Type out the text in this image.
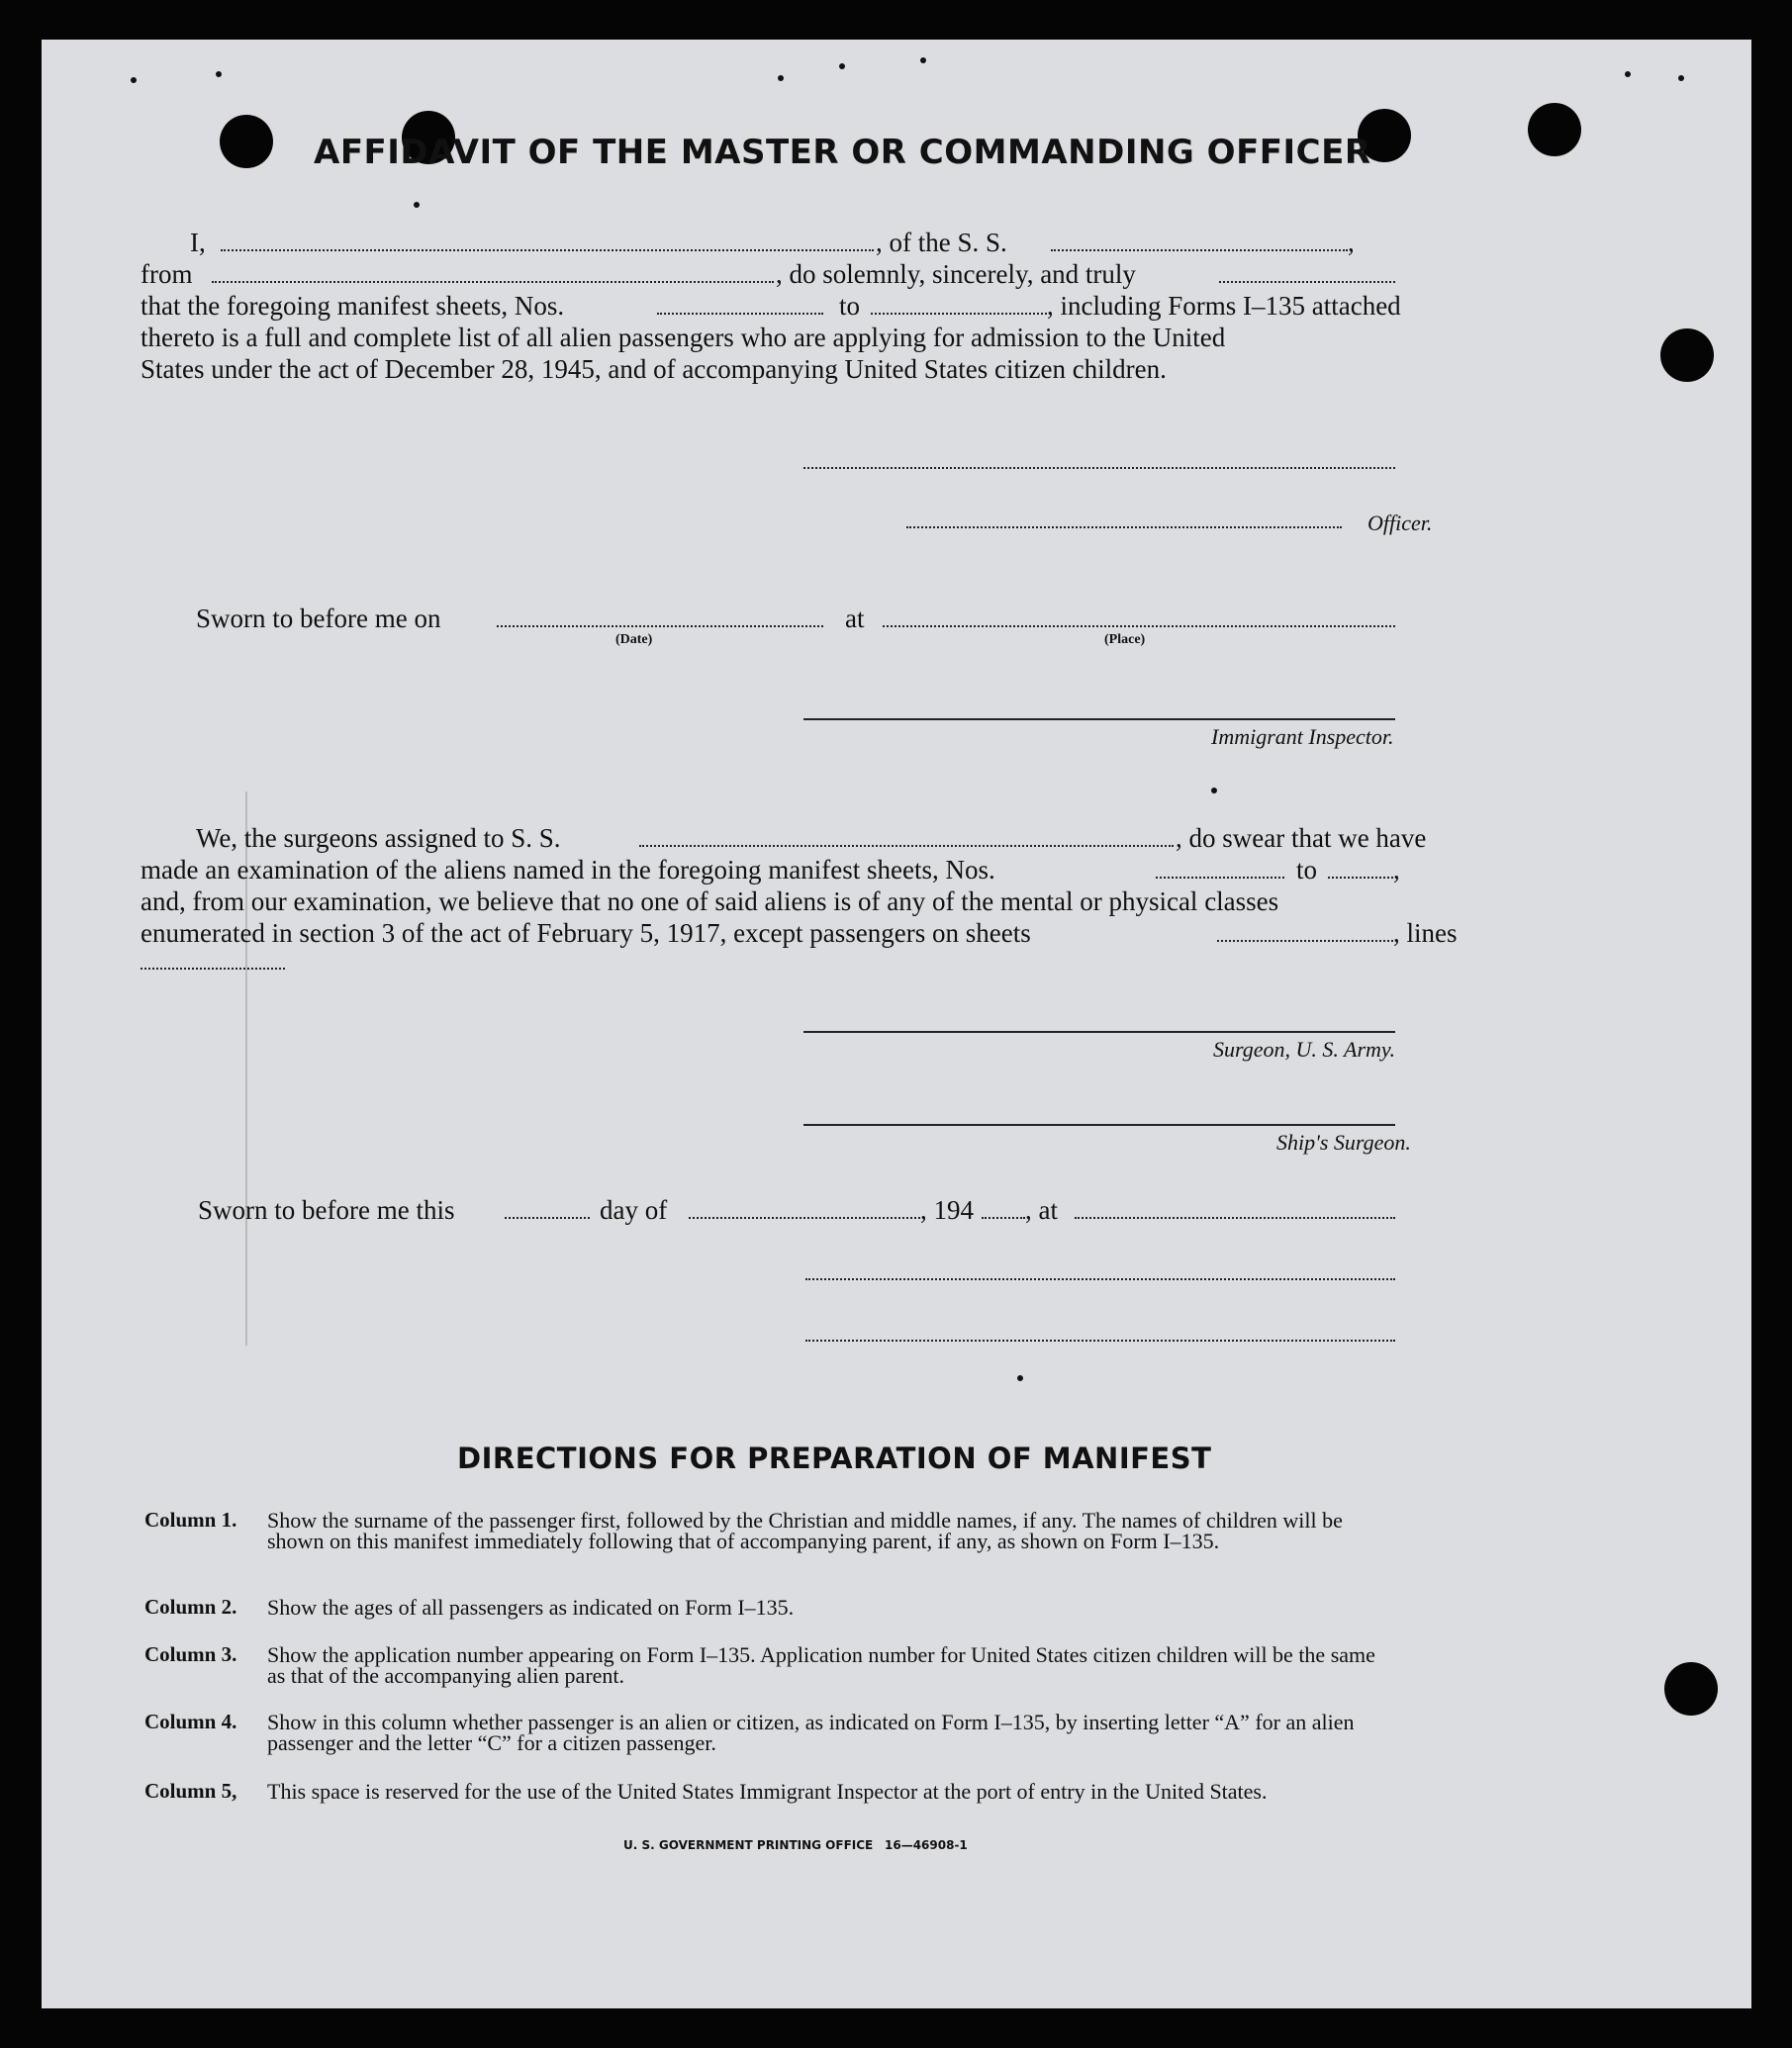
AFFIDAVIT OF THE MASTER OR COMMANDING OFFICER
I,	, of the S. S.	,
from	, do solemnly, sincerely, and truly
that the foregoing manifest sheets, Nos.	to	, including Forms I–135 attached
thereto is a full and complete list of all alien passengers who are applying for admission to the United
States under the act of December 28, 1945, and of accompanying United States citizen children.
Officer.
Sworn to before me on	at
(Date)	(Place)
Immigrant Inspector.
We, the surgeons assigned to S. S.	, do swear that we have
made an examination of the aliens named in the foregoing manifest sheets, Nos.	to	,
and, from our examination, we believe that no one of said aliens is of any of the mental or physical classes
enumerated in section 3 of the act of February 5, 1917, except passengers on sheets	, lines
Surgeon, U. S. Army.
Ship's Surgeon.
Sworn to before me this	day of	, 194 , at
DIRECTIONS FOR PREPARATION OF MANIFEST
Column 1. Show the surname of the passenger first, followed by the Christian and middle names, if any. The names of children will be shown on this manifest immediately following that of accompanying parent, if any, as shown on Form I–135.
Column 2. Show the ages of all passengers as indicated on Form I–135.
Column 3. Show the application number appearing on Form I–135. Application number for United States citizen children will be the same as that of the accompanying alien parent.
Column 4. Show in this column whether passenger is an alien or citizen, as indicated on Form I–135, by inserting letter “A” for an alien passenger and the letter “C” for a citizen passenger.
Column 5, This space is reserved for the use of the United States Immigrant Inspector at the port of entry in the United States.
U. S. GOVERNMENT PRINTING OFFICE 16—46908-1
